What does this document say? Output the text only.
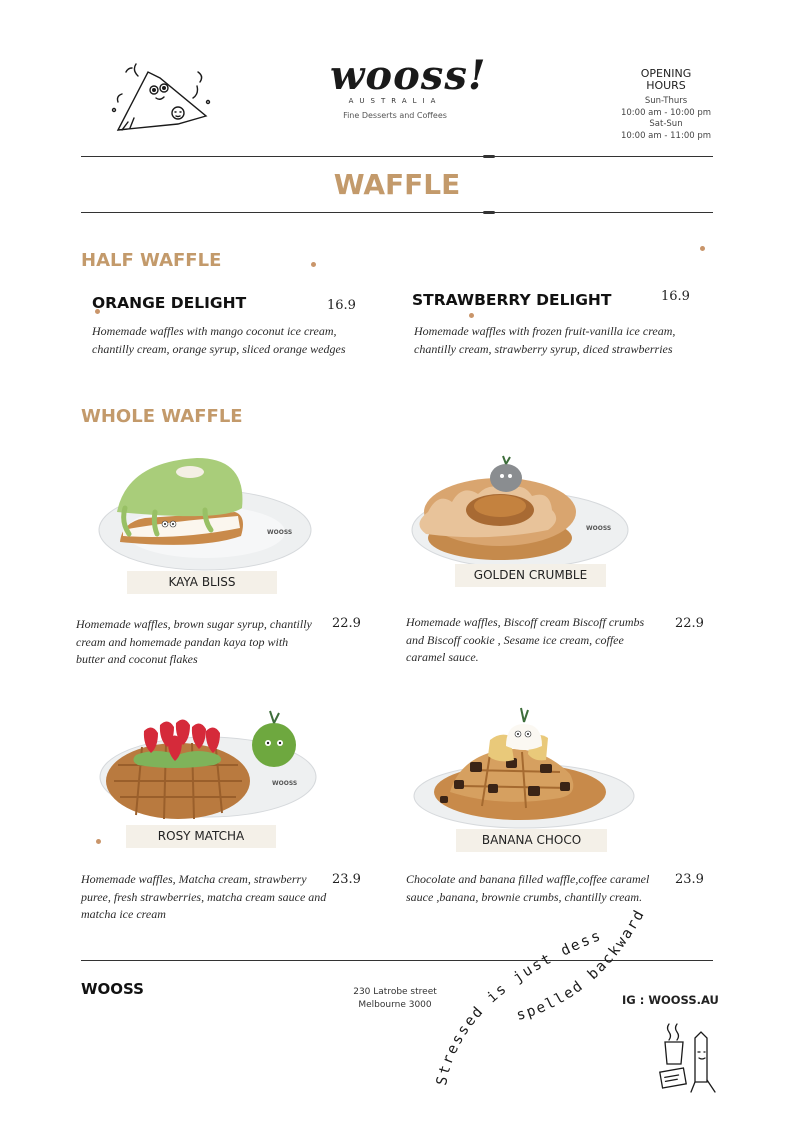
wooss!
AUSTRALIA
Fine Desserts and Coffees
OPENING
HOURS
Sun-Thurs
10:00 am - 10:00 pm
Sat-Sun
10:00 am - 11:00 pm
WAFFLE
HALF WAFFLE
ORANGE DELIGHT	16.9
Homemade waffles with mango coconut ice cream, chantilly cream, orange syrup, sliced orange wedges
STRAWBERRY DELIGHT	16.9
Homemade waffles with frozen fruit-vanilla ice cream, chantilly cream, strawberry syrup, diced strawberries
WHOLE WAFFLE
WOOSS
KAYA BLISS
WOOSS
GOLDEN CRUMBLE
Homemade waffles, brown sugar syrup, chantilly cream and homemade pandan kaya top with butter and coconut flakes
22.9	Homemade waffles, Biscoff cream Biscoff crumbs and Biscoff cookie , Sesame ice cream, coffee caramel sauce.
22.9
WOOSS
ROSY MATCHA	BANANA CHOCO
Homemade waffles, Matcha cream, strawberry puree, fresh strawberries, matcha cream sauce and matcha ice cream
23.9	Chocolate and banana filled waffle,coffee caramel sauce ,banana, brownie crumbs, chantilly cream.
23.9
WOOSS	230 Latrobe street
Melbourne 3000	IG : WOOSS.AU
Stressed is just dess
spelled backward
